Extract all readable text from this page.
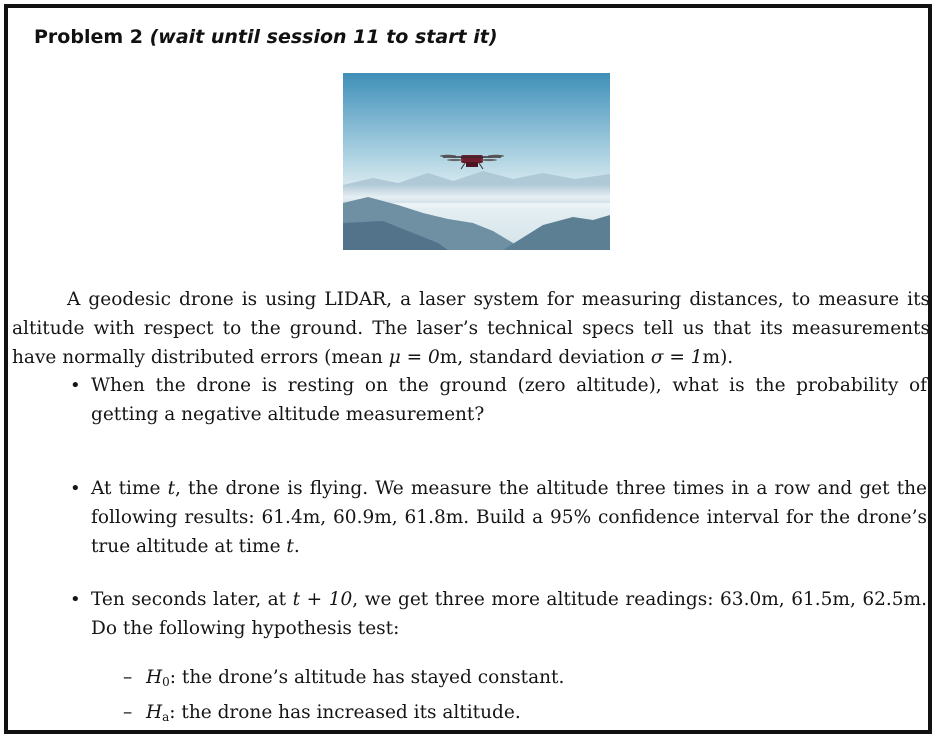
Problem 2 (wait until session 11 to start it)

A geodesic drone is using LIDAR, a laser system for measuring distances, to measure its altitude with respect to the ground. The laser’s technical specs tell us that its measurements have normally distributed errors (mean μ = 0m, standard deviation σ = 1m).

• When the drone is resting on the ground (zero altitude), what is the probability of getting a negative altitude measurement?
• At time t, the drone is flying. We measure the altitude three times in a row and get the following results: 61.4m, 60.9m, 61.8m. Build a 95% confidence interval for the drone’s true altitude at time t.
• Ten seconds later, at t + 10, we get three more altitude readings: 63.0m, 61.5m, 62.5m. Do the following hypothesis test:
– $H_0$: the drone’s altitude has stayed constant.
– $H_a$: the drone has increased its altitude.
